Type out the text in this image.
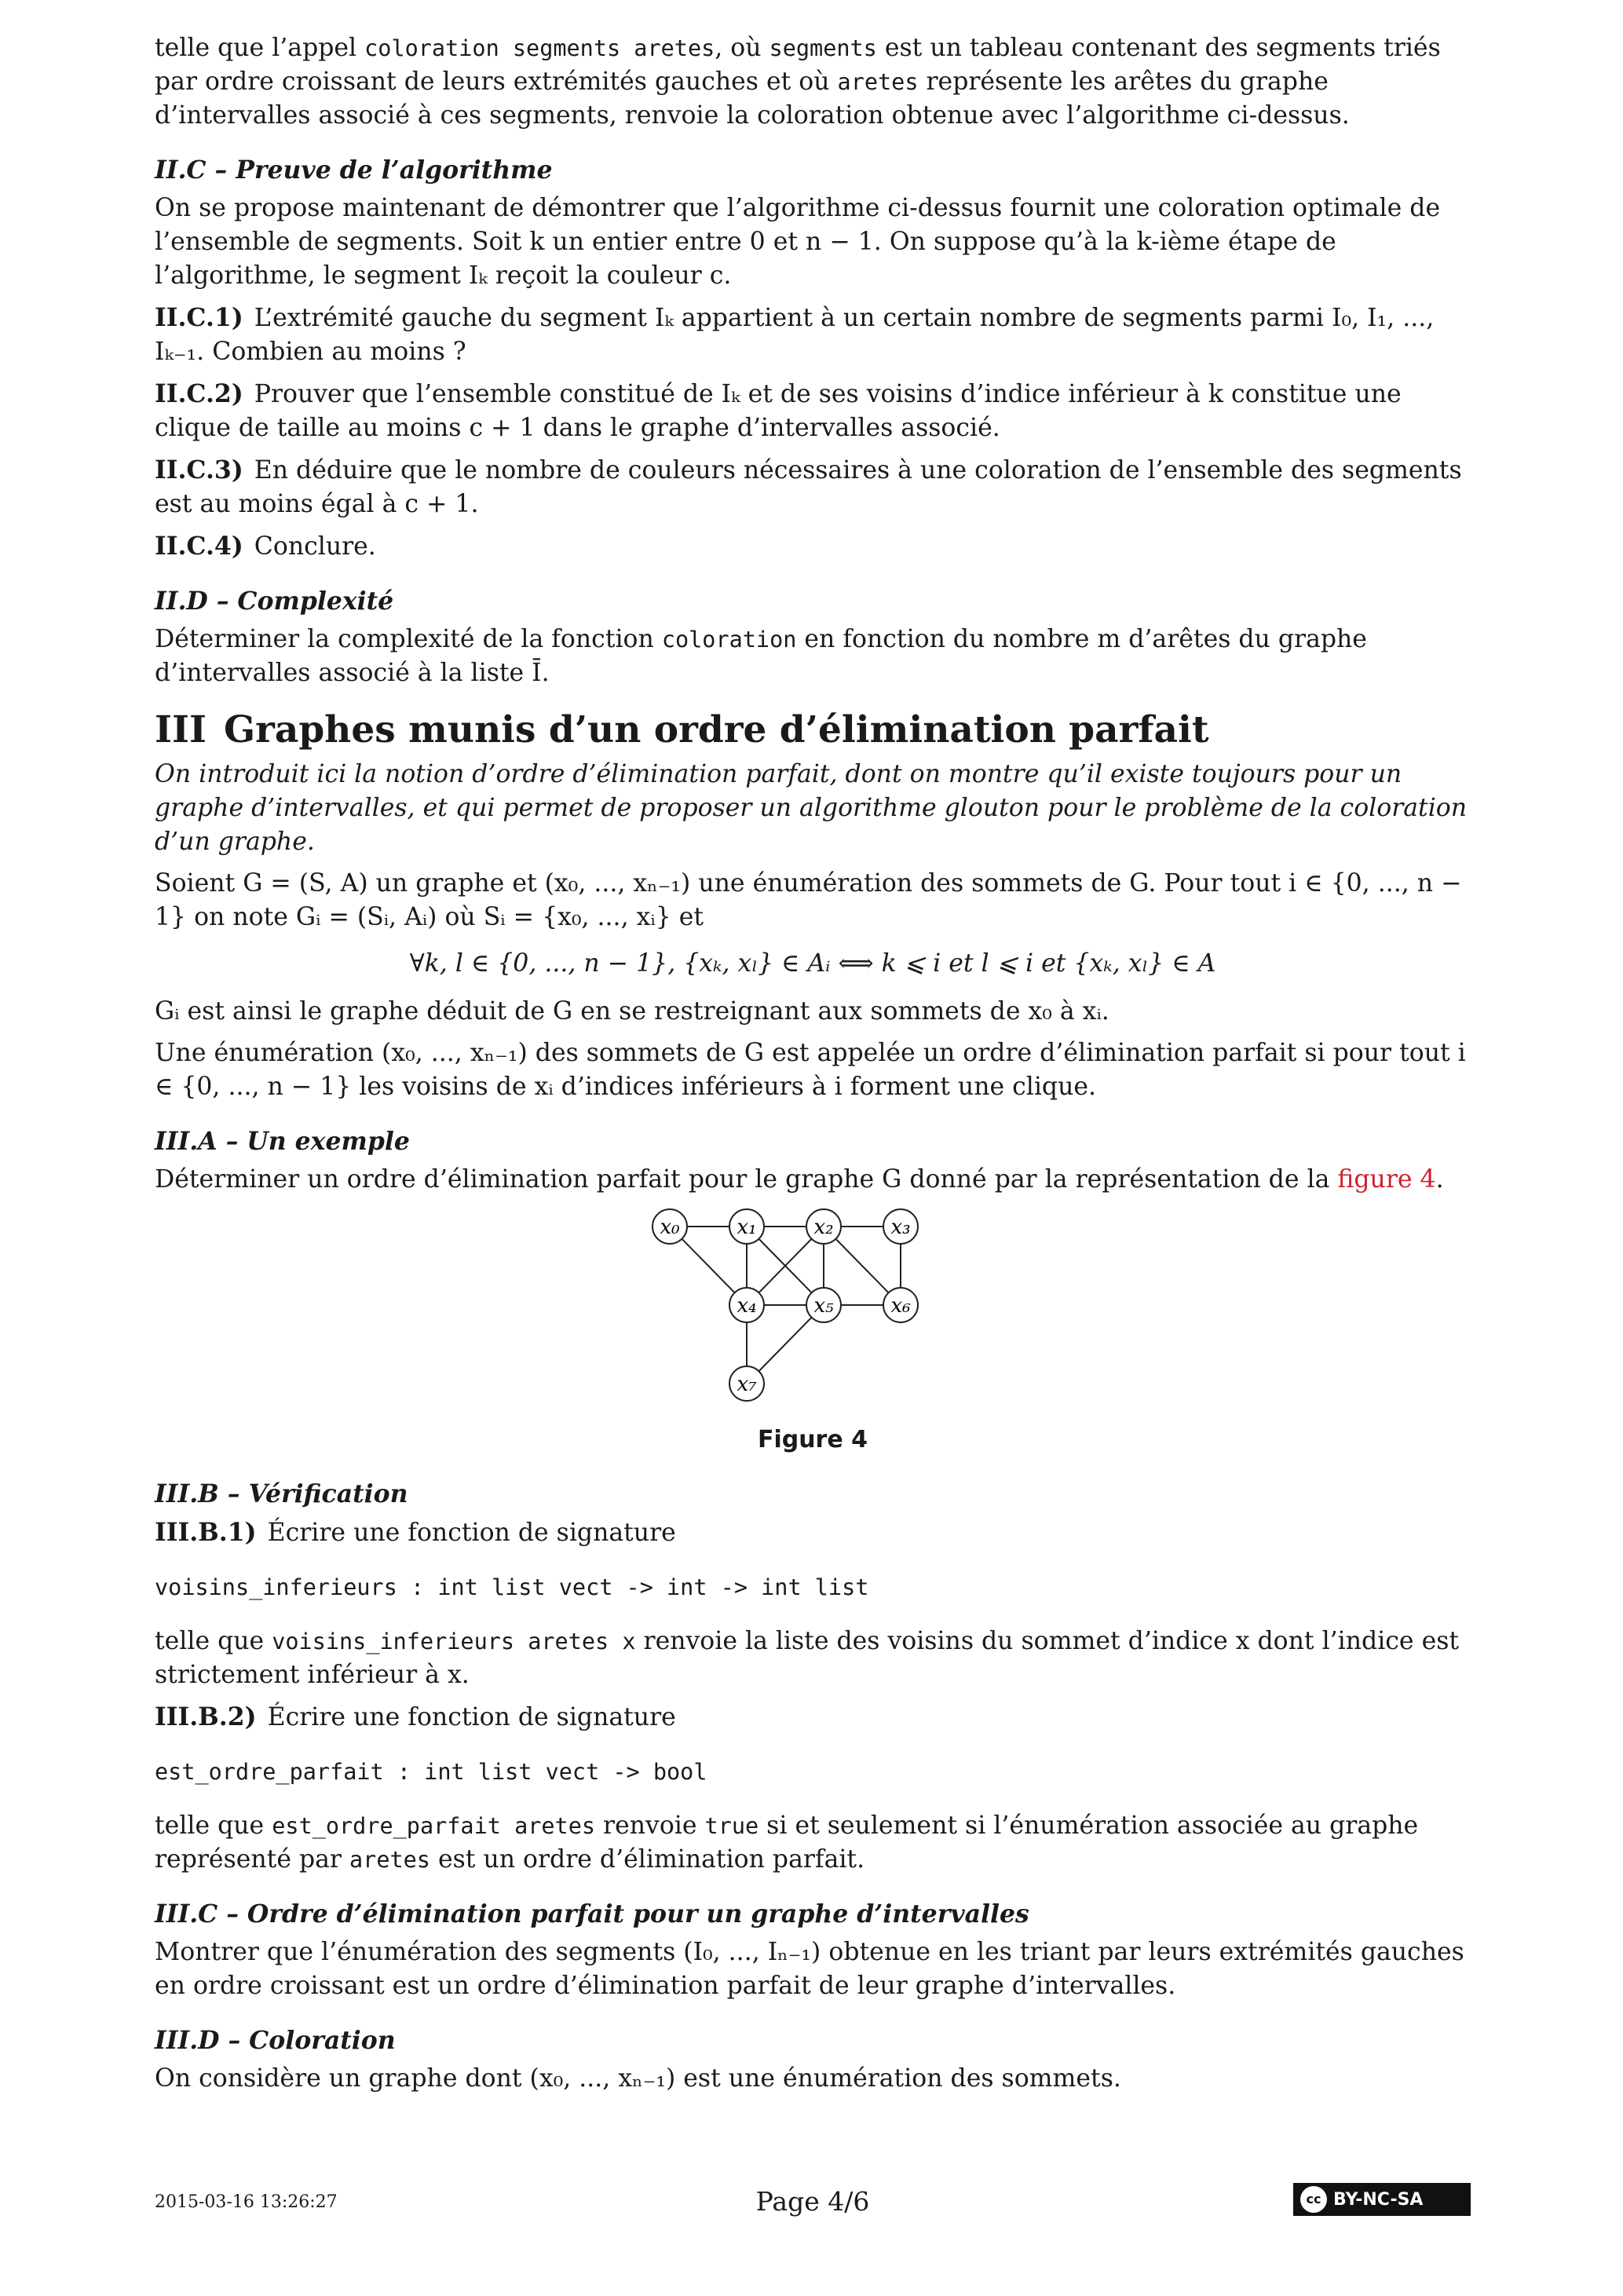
telle que l’appel coloration segments aretes, où segments est un tableau contenant des segments triés par ordre croissant de leurs extrémités gauches et où aretes représente les arêtes du graphe d’intervalles associé à ces segments, renvoie la coloration obtenue avec l’algorithme ci-dessus.

II.C – Preuve de l’algorithme

On se propose maintenant de démontrer que l’algorithme ci-dessus fournit une coloration optimale de l’ensemble de segments. Soit k un entier entre 0 et n − 1. On suppose qu’à la k-ième étape de l’algorithme, le segment Iₖ reçoit la couleur c.

II.C.1) L’extrémité gauche du segment Iₖ appartient à un certain nombre de segments parmi I₀, I₁, ..., Iₖ₋₁. Combien au moins ?

II.C.2) Prouver que l’ensemble constitué de Iₖ et de ses voisins d’indice inférieur à k constitue une clique de taille au moins c + 1 dans le graphe d’intervalles associé.

II.C.3) En déduire que le nombre de couleurs nécessaires à une coloration de l’ensemble des segments est au moins égal à c + 1.

II.C.4) Conclure.

II.D – Complexité

Déterminer la complexité de la fonction coloration en fonction du nombre m d’arêtes du graphe d’intervalles associé à la liste Ī.

III Graphes munis d’un ordre d’élimination parfait

On introduit ici la notion d’ordre d’élimination parfait, dont on montre qu’il existe toujours pour un graphe d’intervalles, et qui permet de proposer un algorithme glouton pour le problème de la coloration d’un graphe.

Soient G = (S, A) un graphe et (x₀, ..., xₙ₋₁) une énumération des sommets de G. Pour tout i ∈ {0, ..., n − 1} on note Gᵢ = (Sᵢ, Aᵢ) où Sᵢ = {x₀, ..., xᵢ} et

∀k, l ∈ {0, ..., n − 1}, {xₖ, xₗ} ∈ Aᵢ ⟺ k ⩽ i et l ⩽ i et {xₖ, xₗ} ∈ A

Gᵢ est ainsi le graphe déduit de G en se restreignant aux sommets de x₀ à xᵢ.

Une énumération (x₀, ..., xₙ₋₁) des sommets de G est appelée un ordre d’élimination parfait si pour tout i ∈ {0, ..., n − 1} les voisins de xᵢ d’indices inférieurs à i forment une clique.

III.A – Un exemple

Déterminer un ordre d’élimination parfait pour le graphe G donné par la représentation de la figure 4.

x₀	x₁	x₂	x₃
x₄	x₅	x₆
x₇
Figure 4

III.B – Vérification

III.B.1) Écrire une fonction de signature

voisins_inferieurs : int list vect -> int -> int list

telle que voisins_inferieurs aretes x renvoie la liste des voisins du sommet d’indice x dont l’indice est strictement inférieur à x.

III.B.2) Écrire une fonction de signature

est_ordre_parfait : int list vect -> bool

telle que est_ordre_parfait aretes renvoie true si et seulement si l’énumération associée au graphe représenté par aretes est un ordre d’élimination parfait.

III.C – Ordre d’élimination parfait pour un graphe d’intervalles

Montrer que l’énumération des segments (I₀, ..., Iₙ₋₁) obtenue en les triant par leurs extrémités gauches en ordre croissant est un ordre d’élimination parfait de leur graphe d’intervalles.

III.D – Coloration

On considère un graphe dont (x₀, ..., xₙ₋₁) est une énumération des sommets.

2015-03-16 13:26:27	Page 4/6	cc BY-NC-SA
